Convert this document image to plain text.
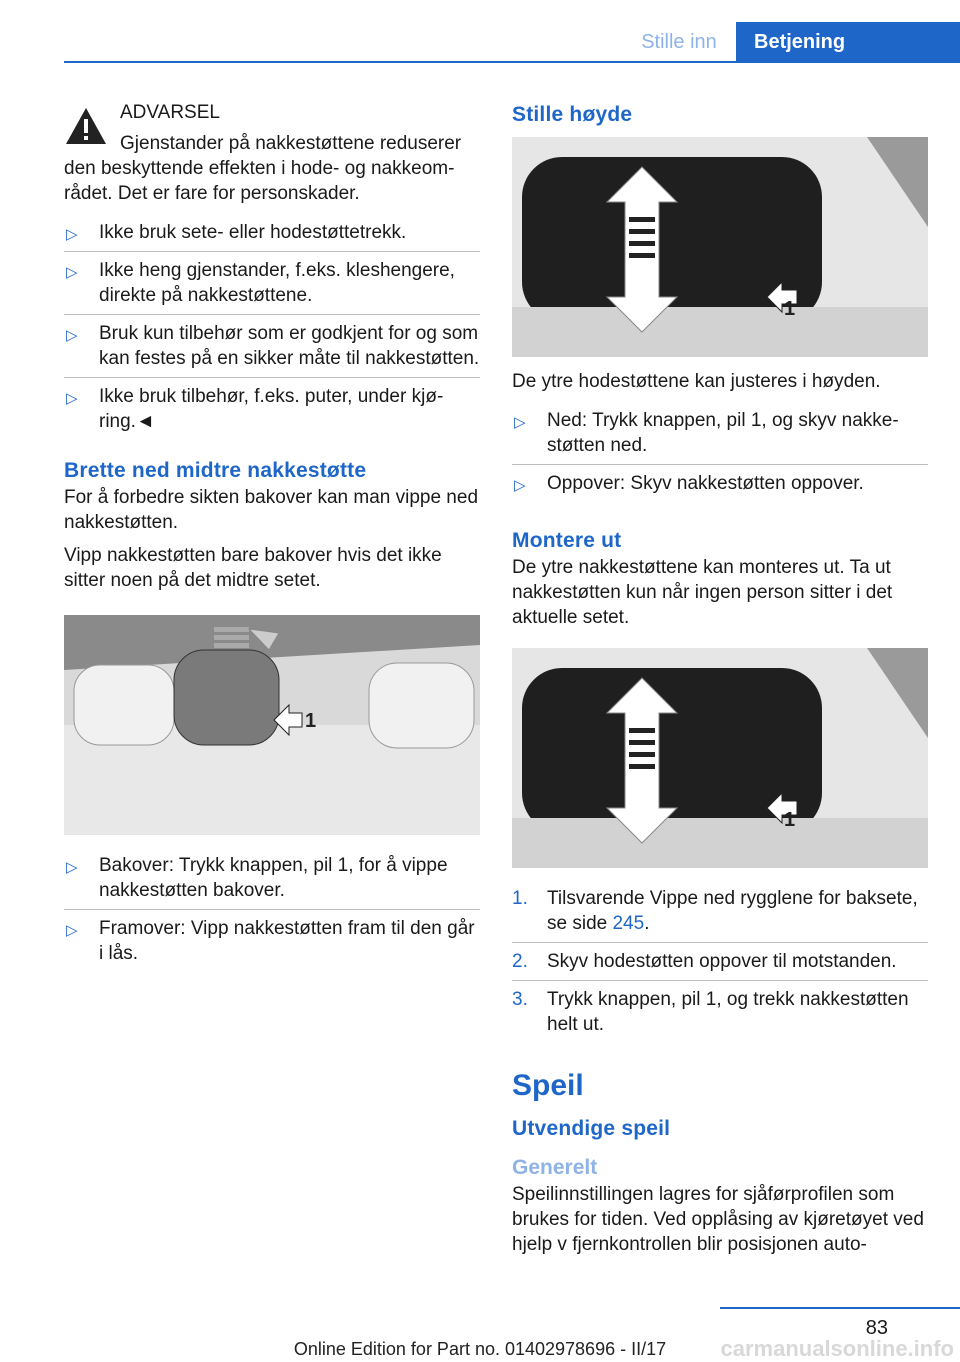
Stille inn	Betjening
ADVARSEL

Gjenstander på nakkestøttene reduserer den beskyttende effekten i hode- og nakkeområdet. Det er fare for personskader.

▷ Ikke bruk sete- eller hodestøttetrekk.
▷ Ikke heng gjenstander, f.eks. kleshengere, direkte på nakkestøttene.
▷ Bruk kun tilbehør som er godkjent for og som kan festes på en sikker måte til nakkestøtten.
▷ Ikke bruk tilbehør, f.eks. puter, under kjøring.◄
Brette ned midtre nakkestøtte

For å forbedre sikten bakover kan man vippe ned nakkestøtten.

Vipp nakkestøtten bare bakover hvis det ikke sitter noen på det midtre setet.

1
▷ Bakover: Trykk knappen, pil 1, for å vippe nakkestøtten bakover.
▷ Framover: Vipp nakkestøtten fram til den går i lås.
Stille høyde
1

De ytre hodestøttene kan justeres i høyden.

▷ Ned: Trykk knappen, pil 1, og skyv nakkestøtten ned.
▷ Oppover: Skyv nakkestøtten oppover.
Montere ut

De ytre nakkestøttene kan monteres ut. Ta ut nakkestøtten kun når ingen person sitter i det aktuelle setet.

1
1. Tilsvarende Vippe ned rygglene for baksete, se side 245.
2. Skyv hodestøtten oppover til motstanden.
3. Trykk knappen, pil 1, og trekk nakkestøtten helt ut.
Speil
Utvendige speil
Generelt

Speilinnstillingen lagres for sjåførprofilen som brukes for tiden. Ved opplåsing av kjøretøyet ved hjelp v fjernkontrollen blir posisjonen auto-

83
Online Edition for Part no. 01402978696 - II/17	carmanualsonline.info
